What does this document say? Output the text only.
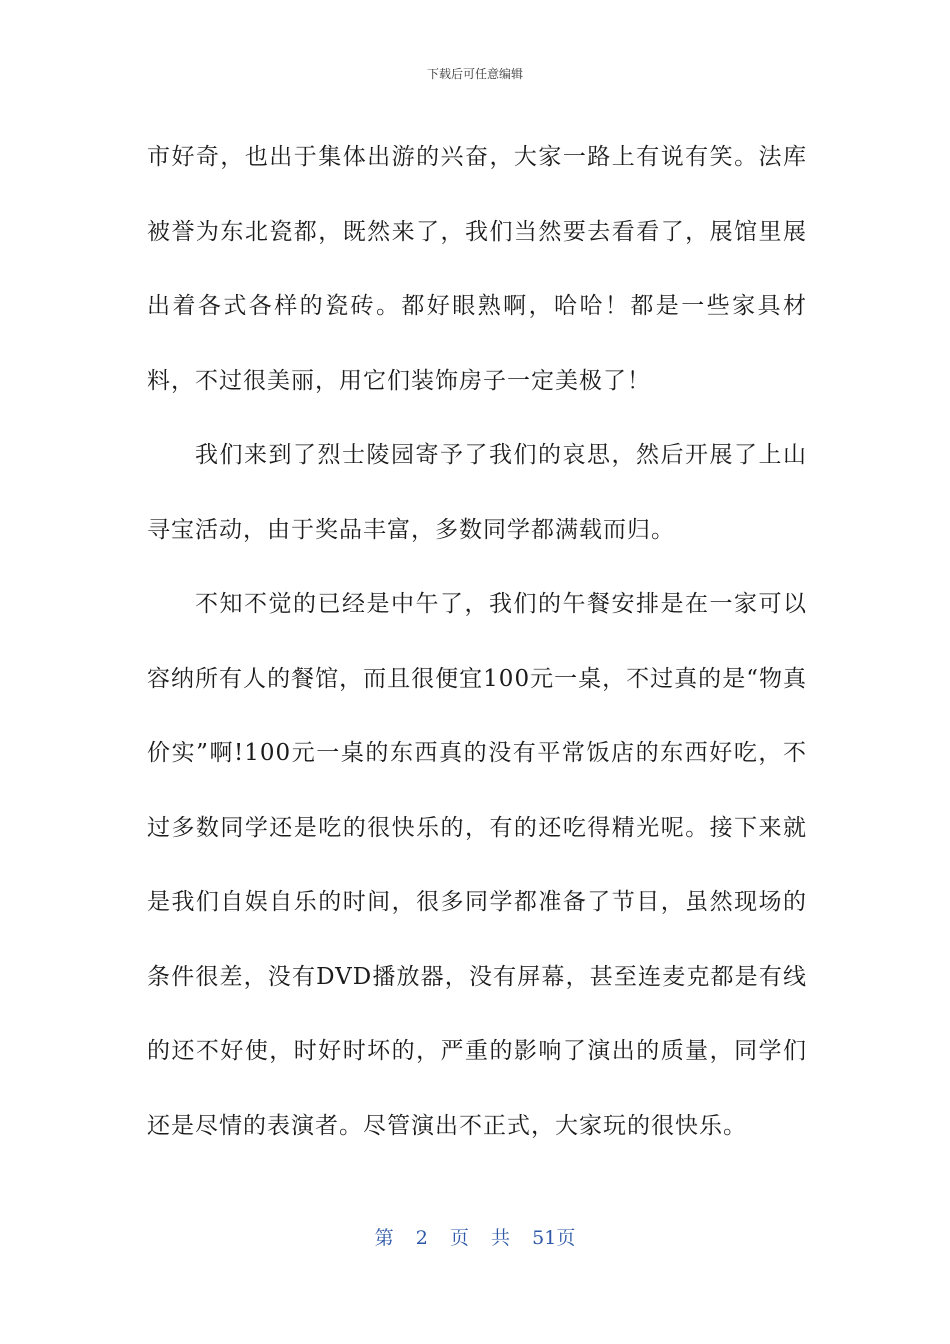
下载后可任意编辑

市好奇，也出于集体出游的兴奋，大家一路上有说有笑。法库被誉为东北瓷都，既然来了，我们当然要去看看了，展馆里展出着各式各样的瓷砖。都好眼熟啊，哈哈！都是一些家具材料，不过很美丽，用它们装饰房子一定美极了！

我们来到了烈士陵园寄予了我们的哀思，然后开展了上山寻宝活动，由于奖品丰富，多数同学都满载而归。

不知不觉的已经是中午了，我们的午餐安排是在一家可以容纳所有人的餐馆，而且很便宜100元一桌，不过真的是“物真价实”啊!100元一桌的东西真的没有平常饭店的东西好吃，不过多数同学还是吃的很快乐的，有的还吃得精光呢。接下来就是我们自娱自乐的时间，很多同学都准备了节目，虽然现场的条件很差，没有DVD播放器，没有屏幕，甚至连麦克都是有线的还不好使，时好时坏的，严重的影响了演出的质量，同学们还是尽情的表演者。尽管演出不正式，大家玩的很快乐。

第 2 页 共 51页
